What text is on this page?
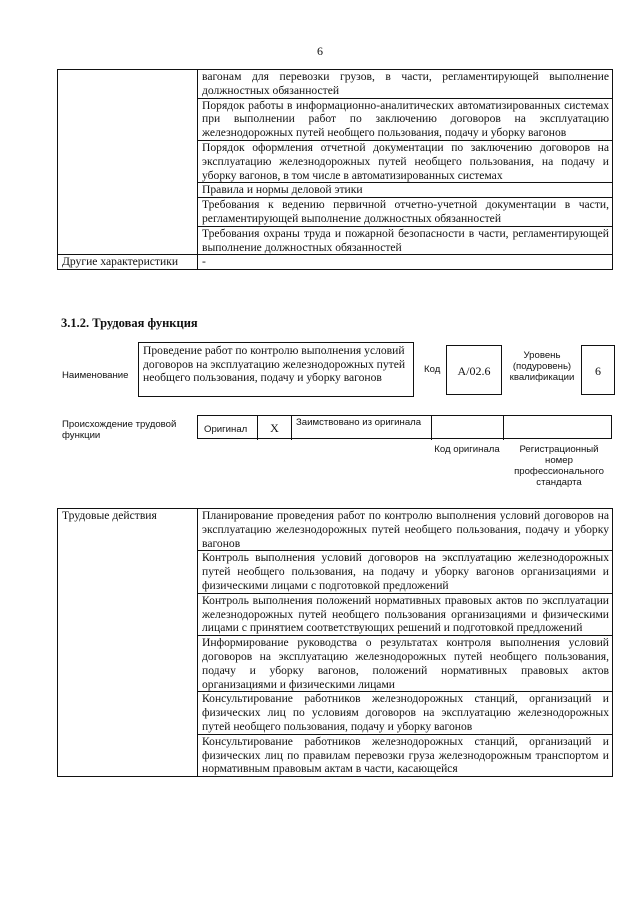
6
	вагонам для перевозки грузов, в части, регламентирующей выполнение должностных обязанностей
	Порядок работы в информационно-аналитических автоматизированных системах при выполнении работ по заключению договоров на эксплуатацию железнодорожных путей необщего пользования, подачу и уборку вагонов
	Порядок оформления отчетной документации по заключению договоров на эксплуатацию железнодорожных путей необщего пользования, на подачу и уборку вагонов, в том числе в автоматизированных системах
	Правила и нормы деловой этики
	Требования к ведению первичной отчетно-учетной документации в части, регламентирующей выполнение должностных обязанностей
	Требования охраны труда и пожарной безопасности в части, регламентирующей выполнение должностных обязанностей
Другие характеристики	-
3.1.2. Трудовая функция
Наименование
Проведение работ по контролю выполнения условий договоров на эксплуатацию железнодорожных путей необщего пользования, подачу и уборку вагонов
Код	A/02.6
Уровень (подуровень) квалификации	6
Происхождение трудовой функции
Оригинал	X	Заимствовано из оригинала
Код оригинала	Регистрационный номер профессионального стандарта
Трудовые действия	Планирование проведения работ по контролю выполнения условий договоров на эксплуатацию железнодорожных путей необщего пользования, подачу и уборку вагонов
Контроль выполнения условий договоров на эксплуатацию железнодорожных путей необщего пользования, на подачу и уборку вагонов организациями и физическими лицами с подготовкой предложений
Контроль выполнения положений нормативных правовых актов по эксплуатации железнодорожных путей необщего пользования организациями и физическими лицами с принятием соответствующих решений и подготовкой предложений
Информирование руководства о результатах контроля выполнения условий договоров на эксплуатацию железнодорожных путей необщего пользования, подачу и уборку вагонов, положений нормативных правовых актов организациями и физическими лицами
Консультирование работников железнодорожных станций, организаций и физических лиц по условиям договоров на эксплуатацию железнодорожных путей необщего пользования, подачу и уборку вагонов
Консультирование работников железнодорожных станций, организаций и физических лиц по правилам перевозки груза железнодорожным транспортом и нормативным правовым актам в части, касающейся
